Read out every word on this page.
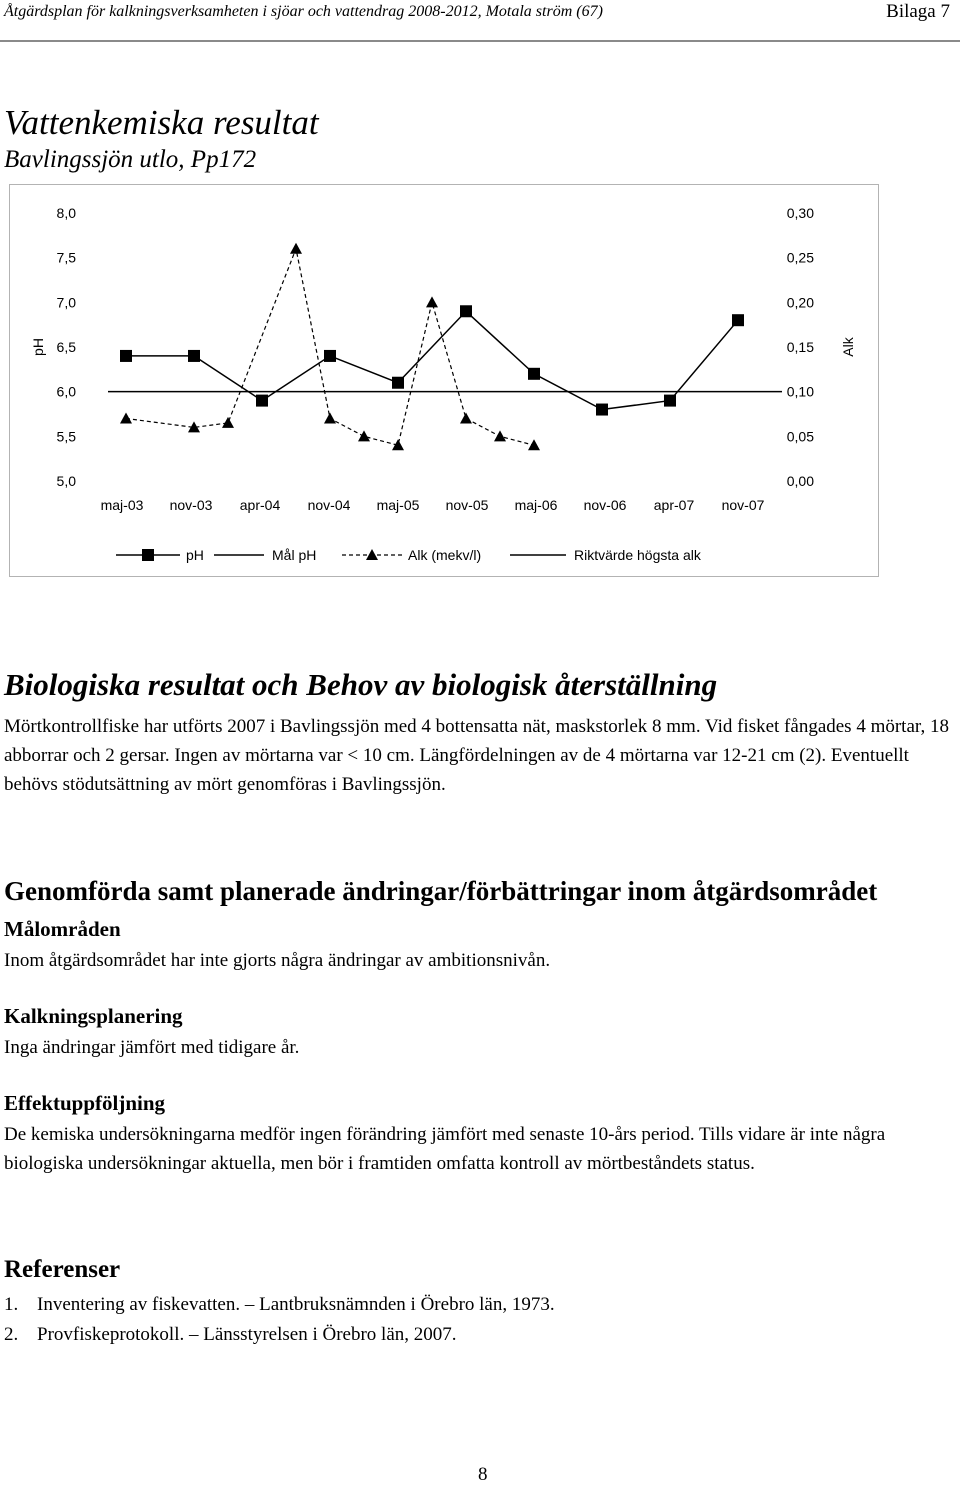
Åtgärdsplan för kalkningsverksamheten i sjöar och vattendrag 2008-2012, Motala ström (67)	Bilaga 7
Vattenkemiska resultat
Bavlingssjön utlo, Pp172
8,0
7,5
7,0
6,5
6,0
5,5
5,0
0,30
0,25
0,20
0,15
0,10
0,05
0,00
pH	Alk
maj-03 nov-03 apr-04 nov-04 maj-05 nov-05 maj-06 nov-06 apr-07 nov-07
pH	Mål pH	Alk (mekv/l)	Riktvärde högsta alk
Biologiska resultat och Behov av biologisk återställning
Mörtkontrollfiske har utförts 2007 i Bavlingssjön med 4 bottensatta nät, maskstorlek 8 mm. Vid fisket fångades 4 mörtar, 18 abborrar och 2 gersar. Ingen av mörtarna var < 10 cm. Längfördelningen av de 4 mörtarna var 12-21 cm (2). Eventuellt behövs stödutsättning av mört genomföras i Bavlingssjön.
Genomförda samt planerade ändringar/förbättringar inom åtgärdsområdet
Målområden
Inom åtgärdsområdet har inte gjorts några ändringar av ambitionsnivån.
Kalkningsplanering
Inga ändringar jämfört med tidigare år.
Effektuppföljning
De kemiska undersökningarna medför ingen förändring jämfört med senaste 10-års period. Tills vidare är inte några biologiska undersökningar aktuella, men bör i framtiden omfatta kontroll av mörtbeståndets status.
Referenser
1. Inventering av fiskevatten. – Lantbruksnämnden i Örebro län, 1973.
2. Provfiskeprotokoll. – Länsstyrelsen i Örebro län, 2007.
8
